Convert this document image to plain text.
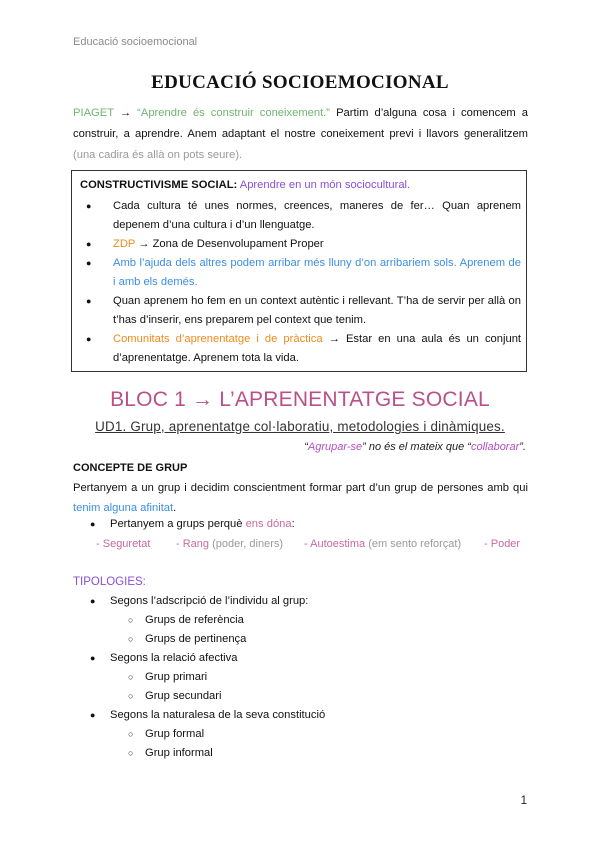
Educació socioemocional
EDUCACIÓ SOCIOEMOCIONAL
PIAGET → “Aprendre és construir coneixement.” Partim d’alguna cosa i comencem a construir, a aprendre. Anem adaptant el nostre coneixement previ i llavors generalitzem (una cadira és allà on pots seure).
CONSTRUCTIVISME SOCIAL: Aprendre en un món sociocultural.
●	Cada cultura té unes normes, creences, maneres de fer… Quan aprenem depenem d’una cultura i d’un llenguatge.
●	ZDP → Zona de Desenvolupament Proper
●	Amb l’ajuda dels altres podem arribar més lluny d’on arribariem sols. Aprenem de i amb els demés.
●	Quan aprenem ho fem en un context autèntic i rellevant. T’ha de servir per allà on t’has d’inserir, ens preparem pel context que tenim.
●	Comunitats d’aprenentatge i de pràctica → Estar en una aula és un conjunt d’aprenentatge. Aprenem tota la vida.
BLOC 1 → L’APRENENTATGE SOCIAL
UD1. Grup, aprenentatge col·laboratiu, metodologies i dinàmiques.
“Agrupar-se” no és el mateix que “collaborar”.
CONCEPTE DE GRUP
Pertanyem a un grup i decidim conscientment formar part d’un grup de persones amb qui tenim alguna afinitat.
● Pertanyem a grups perquè ens dóna:
- Seguretat - Rang (poder, diners) - Autoestima (em sento reforçat) - Poder
TIPOLOGIES:
● Segons l’adscripció de l’individu al grup:
○ Grups de referència
○ Grups de pertinença
● Segons la relació afectiva
○ Grup primari
○ Grup secundari
● Segons la naturalesa de la seva constitució
○ Grup formal
○ Grup informal
1
